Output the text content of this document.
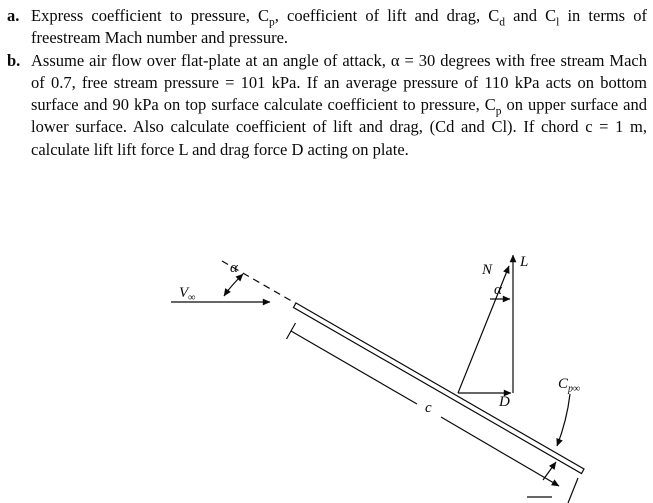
a. Express coefficient to pressure, $C_p$, coefficient of lift and drag, $C_d$ and $C_l$ in terms of freestream Mach number and pressure.

b. Assume air flow over flat-plate at an angle of attack, α = 30 degrees with free stream Mach of 0.7, free stream pressure = 101 kPa. If an average pressure of 110 kPa acts on bottom surface and 90 kPa on top surface calculate coefficient to pressure, $C_p$ on upper surface and lower surface. Also calculate coefficient of lift and drag, (Cd and Cl). If chord c = 1 m, calculate lift lift force L and drag force D acting on plate.

$V_\infty$
α	N L
D
α
$C_{p\infty}$
c
